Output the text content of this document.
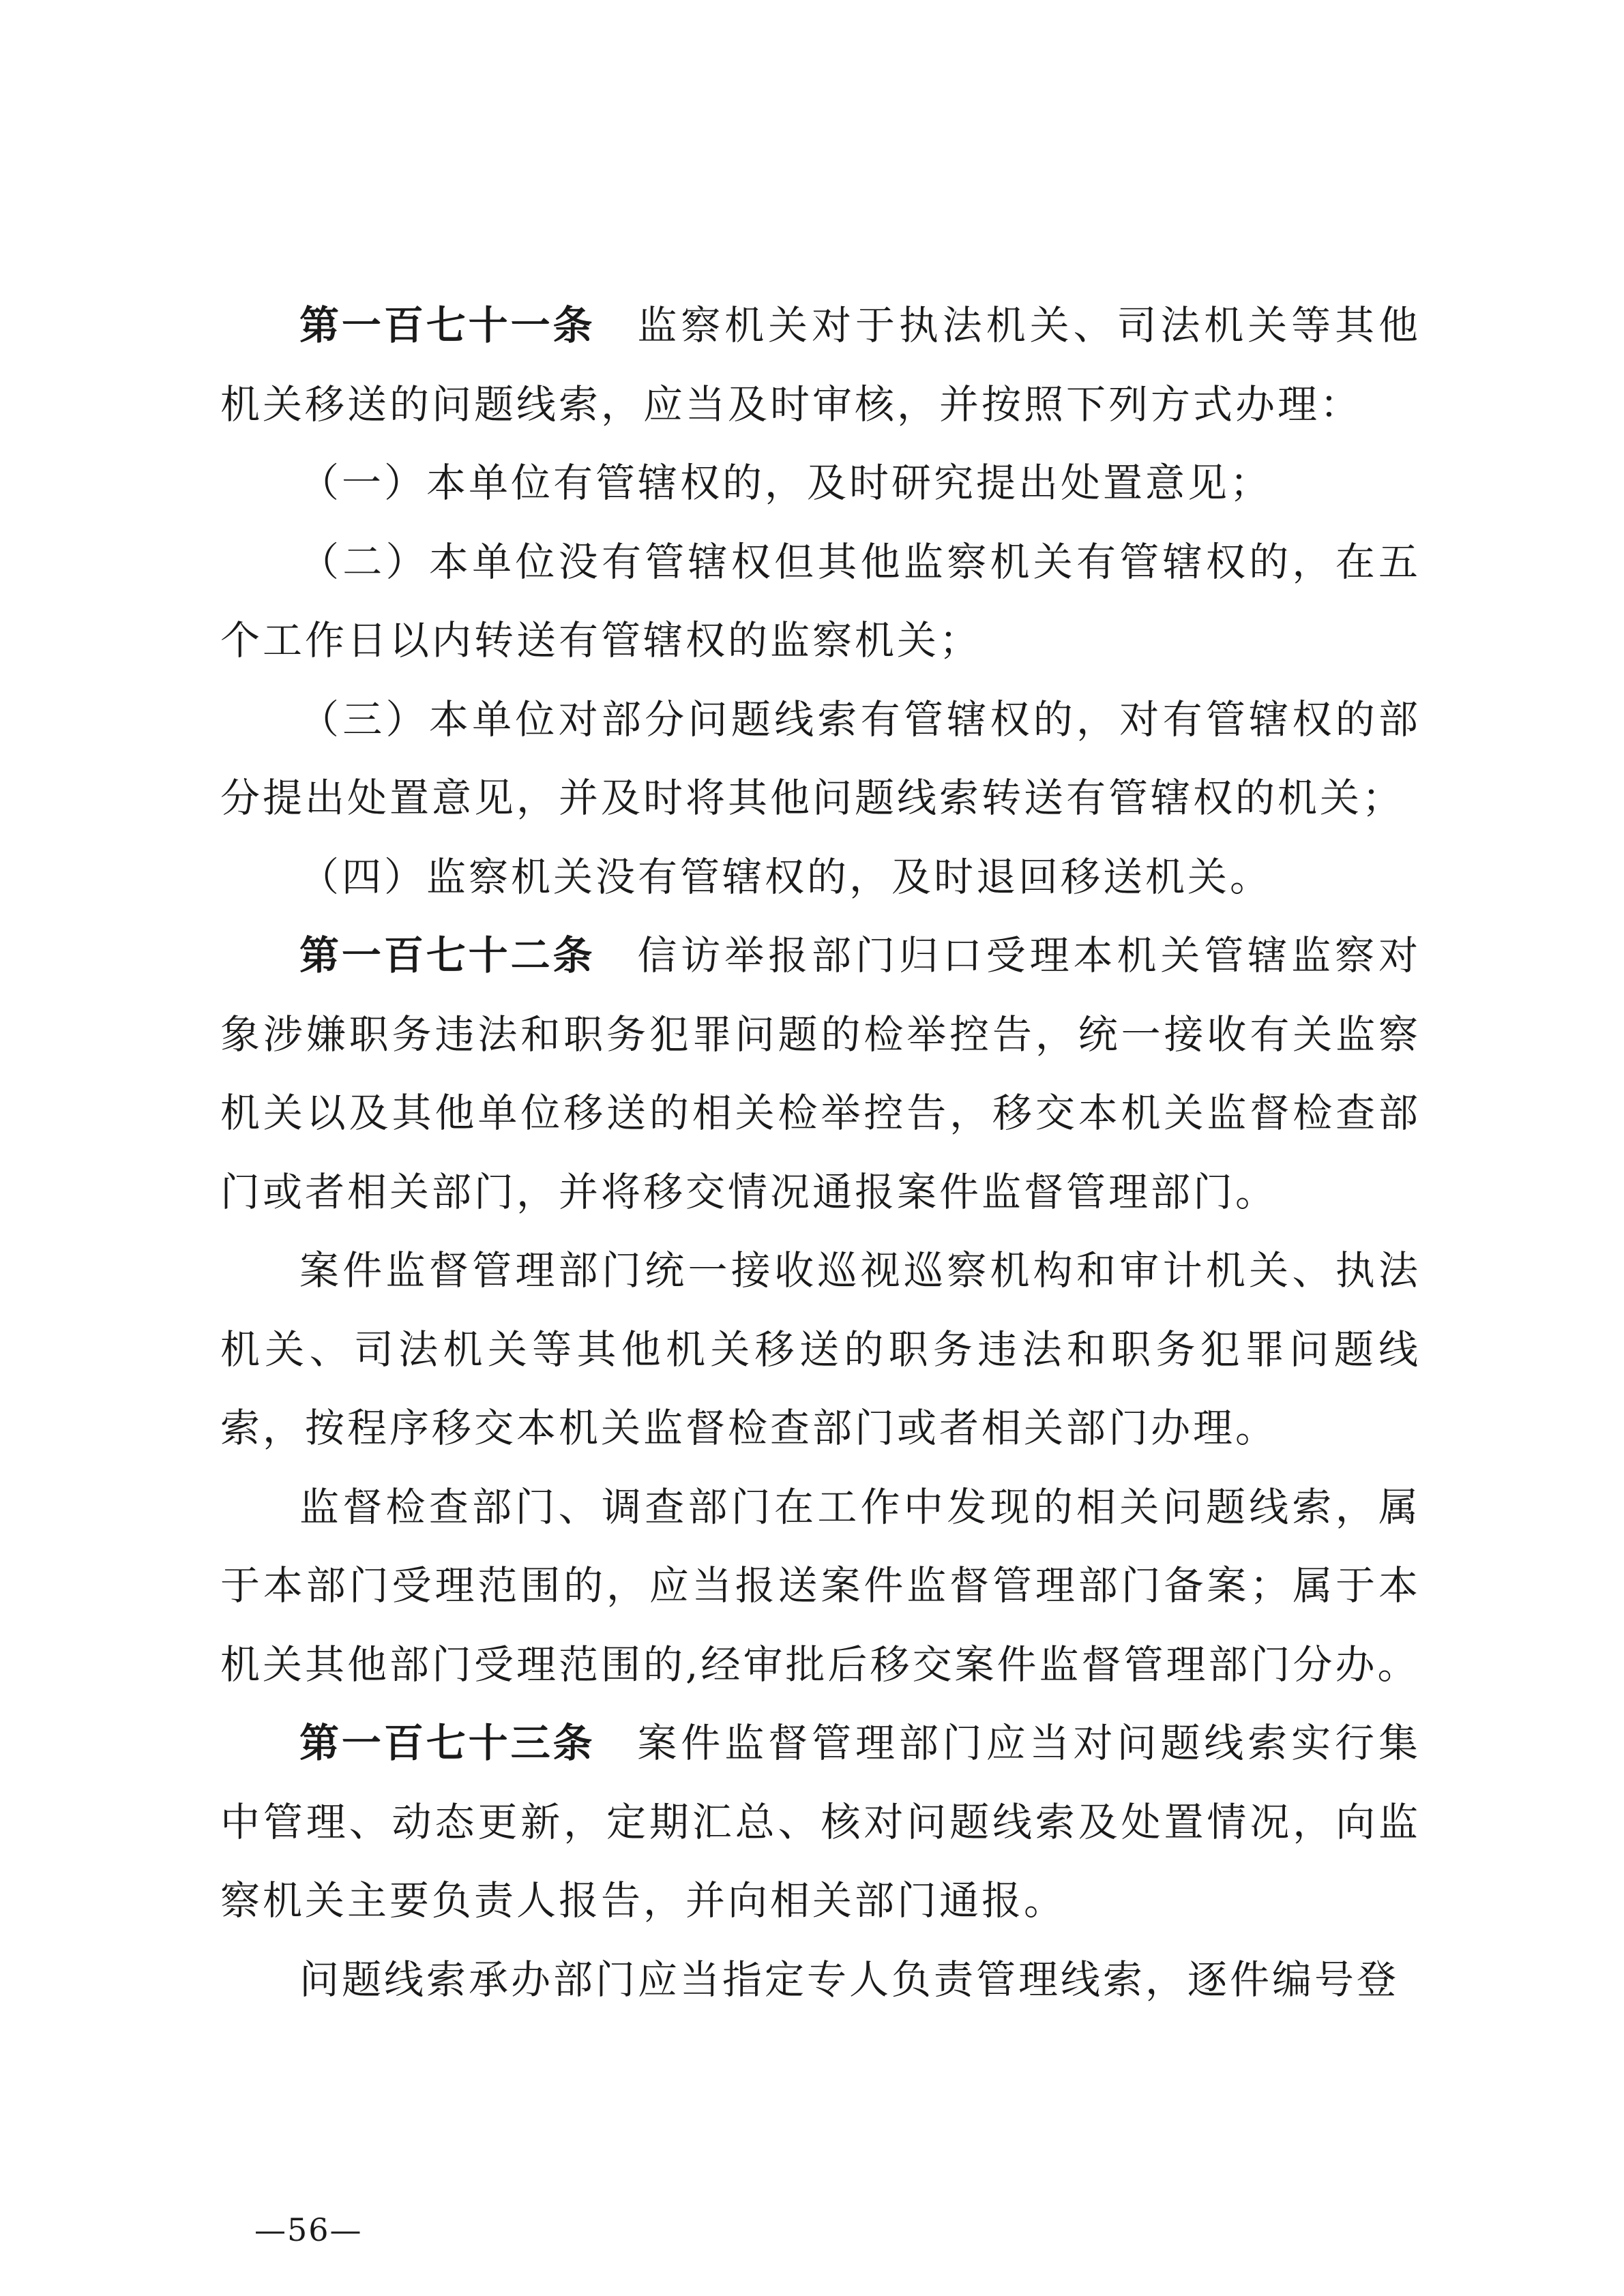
第一百七十一条 监察机关对于执法机关、司法机关等其他机关移送的问题线索，应当及时审核，并按照下列方式办理：

（一）本单位有管辖权的，及时研究提出处置意见；

（二）本单位没有管辖权但其他监察机关有管辖权的，在五个工作日以内转送有管辖权的监察机关；

（三）本单位对部分问题线索有管辖权的，对有管辖权的部分提出处置意见，并及时将其他问题线索转送有管辖权的机关；

（四）监察机关没有管辖权的，及时退回移送机关。

第一百七十二条 信访举报部门归口受理本机关管辖监察对象涉嫌职务违法和职务犯罪问题的检举控告，统一接收有关监察机关以及其他单位移送的相关检举控告，移交本机关监督检查部门或者相关部门，并将移交情况通报案件监督管理部门。

案件监督管理部门统一接收巡视巡察机构和审计机关、执法机关、司法机关等其他机关移送的职务违法和职务犯罪问题线索，按程序移交本机关监督检查部门或者相关部门办理。

监督检查部门、调查部门在工作中发现的相关问题线索，属于本部门受理范围的，应当报送案件监督管理部门备案；属于本机关其他部门受理范围的,经审批后移交案件监督管理部门分办。

第一百七十三条 案件监督管理部门应当对问题线索实行集中管理、动态更新，定期汇总、核对问题线索及处置情况，向监察机关主要负责人报告，并向相关部门通报。

问题线索承办部门应当指定专人负责管理线索，逐件编号登

—56—
